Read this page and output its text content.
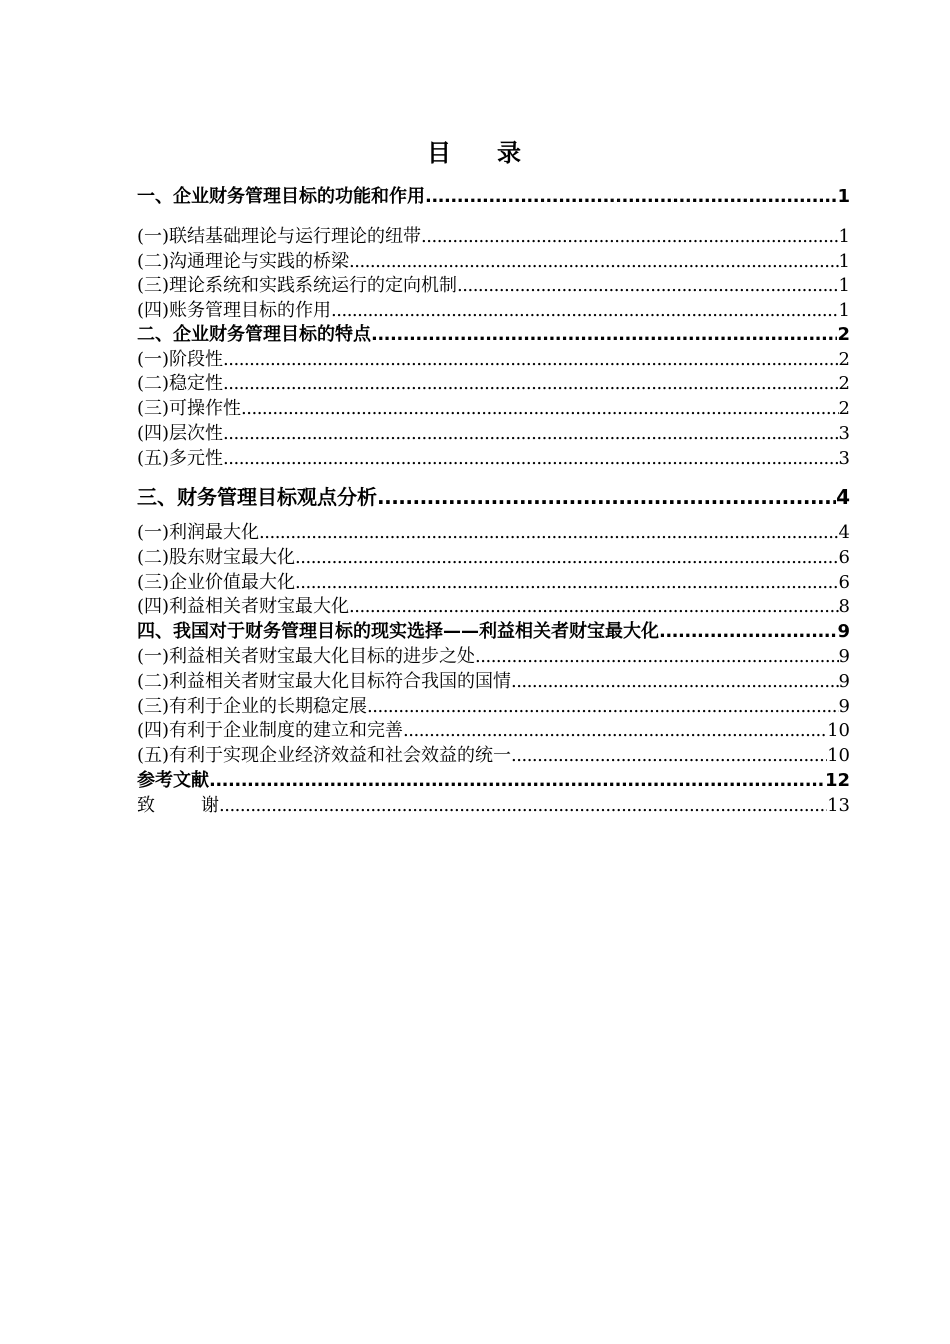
目 录
一、企业财务管理目标的功能和作用 .....	1
(一)联结基础理论与运行理论的纽带 .....	1
(二)沟通理论与实践的桥梁 .....	1
(三)理论系统和实践系统运行的定向机制 .....	1
(四)账务管理目标的作用 .....	1
二、企业财务管理目标的特点 .....	2
(一)阶段性 .....	2
(二)稳定性 .....	2
(三)可操作性 .....	2
(四)层次性 .....	3
(五)多元性 .....	3
三、财务管理目标观点分析 .....	4
(一)利润最大化 .....	4
(二)股东财宝最大化 .....	6
(三)企业价值最大化 .....	6
(四)利益相关者财宝最大化 .....	8
四、我国对于财务管理目标的现实选择——利益相关者财宝最大化 .....	9
(一)利益相关者财宝最大化目标的进步之处 .....	9
(二)利益相关者财宝最大化目标符合我国的国情 .....	9
(三)有利于企业的长期稳定展 .....	9
(四)有利于企业制度的建立和完善 .....	10
(五)有利于实现企业经济效益和社会效益的统一 .....	10
参考文献 .....	12
致	谢 .....	13
